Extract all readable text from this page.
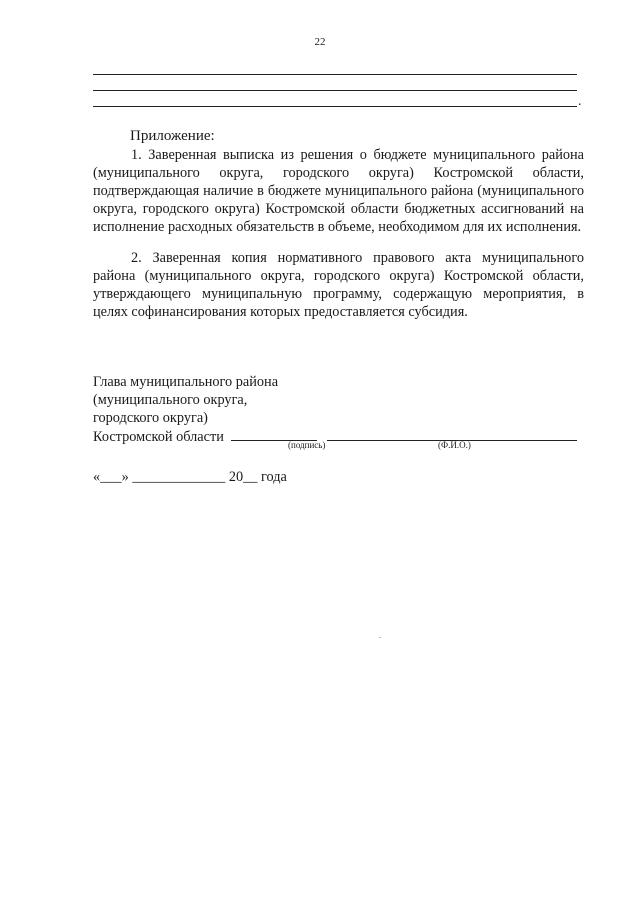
22
.
Приложение:
1. Заверенная выписка из решения о бюджете муниципального района (муниципального округа, городского округа) Костромской области, подтверждающая наличие в бюджете муниципального района (муниципального округа, городского округа) Костромской области бюджетных ассигнований на исполнение расходных обязательств в объеме, необходимом для их исполнения.
2. Заверенная копия нормативного правового акта муниципального района (муниципального округа, городского округа) Костромской области, утверждающего муниципальную программу, содержащую мероприятия, в целях софинансирования которых предоставляется субсидия.
Глава муниципального района
(муниципального округа,
городского округа)
Костромской области
(подпись)	(Ф.И.О.)
«___» _____________ 20__ года
